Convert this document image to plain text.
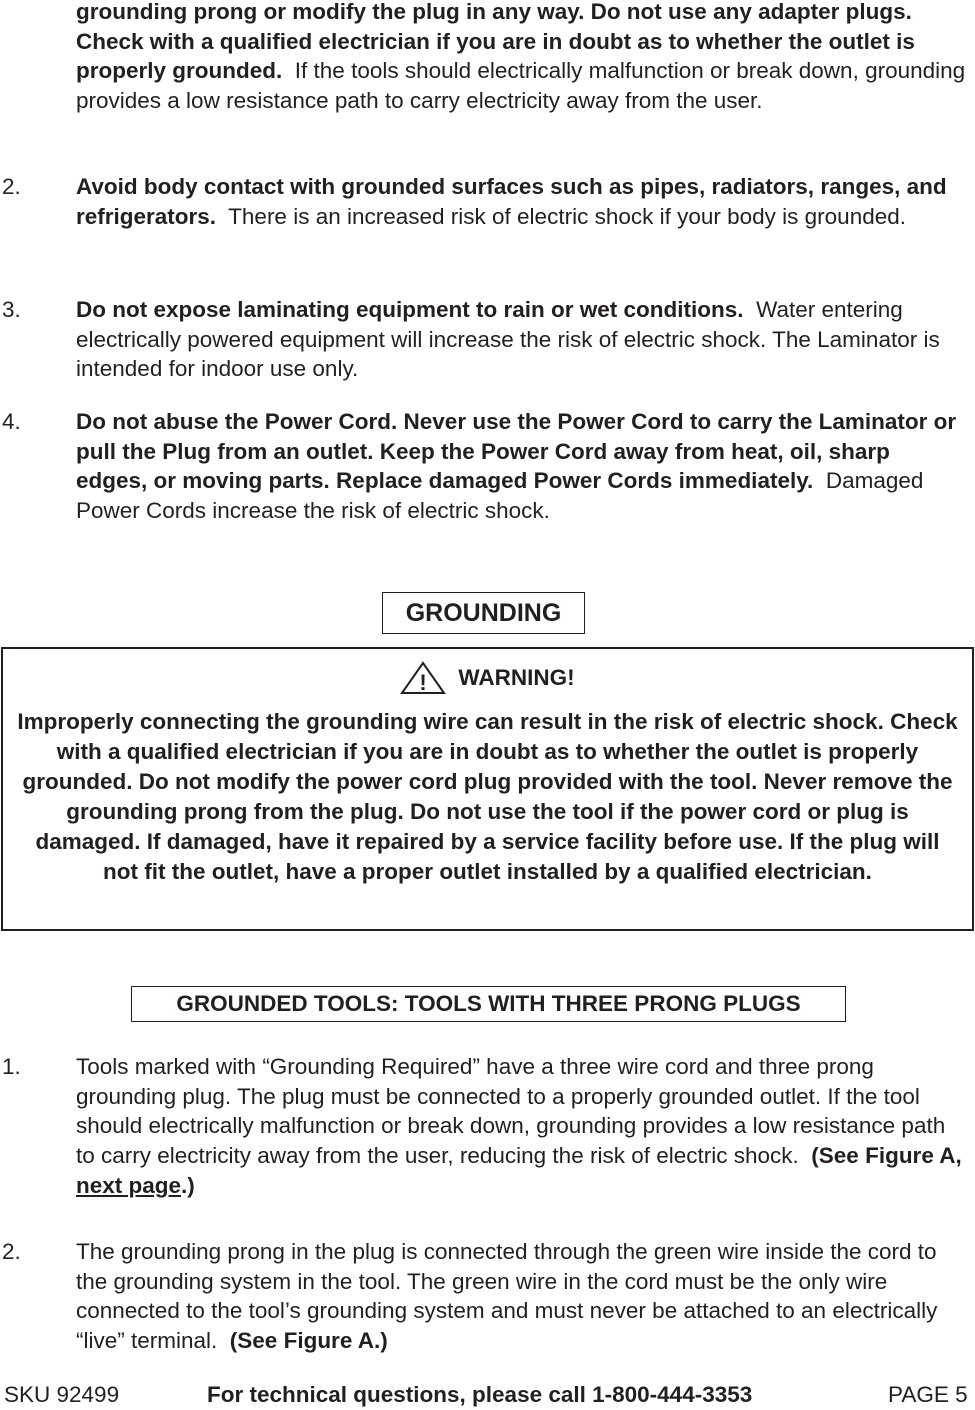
grounding prong or modify the plug in any way. Do not use any adapter plugs. Check with a qualified electrician if you are in doubt as to whether the outlet is properly grounded. If the tools should electrically malfunction or break down, grounding provides a low resistance path to carry electricity away from the user.
2. Avoid body contact with grounded surfaces such as pipes, radiators, ranges, and refrigerators. There is an increased risk of electric shock if your body is grounded.
3. Do not expose laminating equipment to rain or wet conditions. Water entering electrically powered equipment will increase the risk of electric shock. The Laminator is intended for indoor use only.
4. Do not abuse the Power Cord. Never use the Power Cord to carry the Laminator or pull the Plug from an outlet. Keep the Power Cord away from heat, oil, sharp edges, or moving parts. Replace damaged Power Cords immediately. Damaged Power Cords increase the risk of electric shock.
GROUNDING
! WARNING!
Improperly connecting the grounding wire can result in the risk of electric shock. Check with a qualified electrician if you are in doubt as to whether the outlet is properly grounded. Do not modify the power cord plug provided with the tool. Never remove the grounding prong from the plug. Do not use the tool if the power cord or plug is damaged. If damaged, have it repaired by a service facility before use. If the plug will not fit the outlet, have a proper outlet installed by a qualified electrician.
GROUNDED TOOLS: TOOLS WITH THREE PRONG PLUGS
1. Tools marked with “Grounding Required” have a three wire cord and three prong grounding plug. The plug must be connected to a properly grounded outlet. If the tool should electrically malfunction or break down, grounding provides a low resistance path to carry electricity away from the user, reducing the risk of electric shock. (See Figure A, next page.)
2. The grounding prong in the plug is connected through the green wire inside the cord to the grounding system in the tool. The green wire in the cord must be the only wire connected to the tool’s grounding system and must never be attached to an electrically “live” terminal. (See Figure A.)
SKU 92499	For technical questions, please call 1-800-444-3353	PAGE 5
